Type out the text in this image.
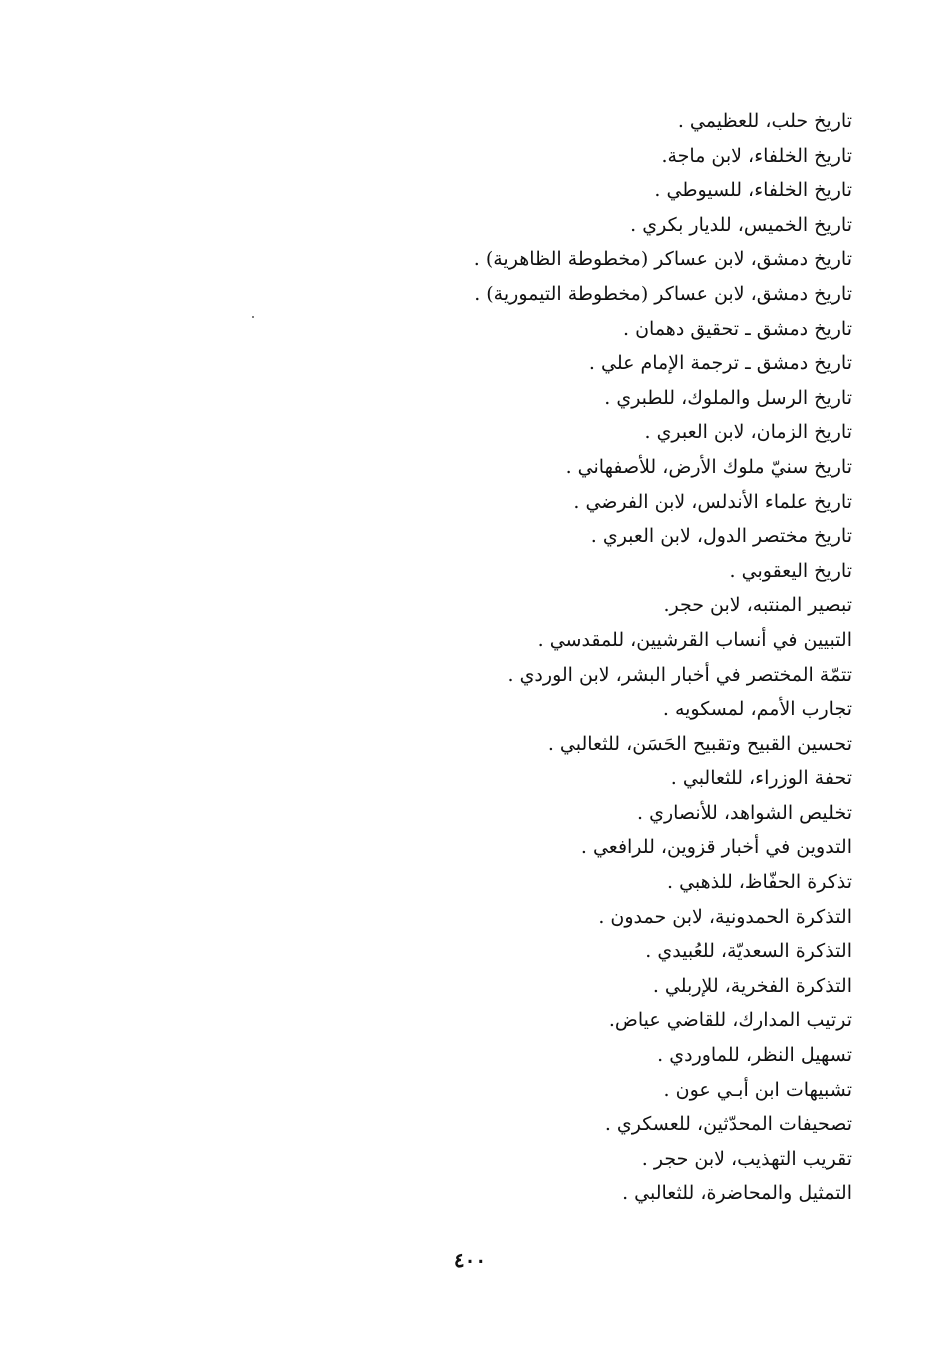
تاريخ حلب، للعظيمي .
تاريخ الخلفاء، لابن ماجة.
تاريخ الخلفاء، للسيوطي .
تاريخ الخميس، للديار بكري .
تاريخ دمشق، لابن عساكر (مخطوطة الظاهرية) .
تاريخ دمشق، لابن عساكر (مخطوطة التيمورية) .
تاريخ دمشق ـ تحقيق دهمان .
تاريخ دمشق ـ ترجمة الإمام علي .
تاريخ الرسل والملوك، للطبري .
تاريخ الزمان، لابن العبري .
تاريخ سنيّ ملوك الأرض، للأصفهاني .
تاريخ علماء الأندلس، لابن الفرضي .
تاريخ مختصر الدول، لابن العبري .
تاريخ اليعقوبي .
تبصير المنتبه، لابن حجر.
التبيين في أنساب القرشيين، للمقدسي .
تتمّة المختصر في أخبار البشر، لابن الوردي .
تجارب الأمم، لمسكويه .
تحسين القبيح وتقبيح الحَسَن، للثعالبي .
تحفة الوزراء، للثعالبي .
تخليص الشواهد، للأنصاري .
التدوين في أخبار قزوين، للرافعي .
تذكرة الحفّاظ، للذهبي .
التذكرة الحمدونية، لابن حمدون .
التذكرة السعديّة، للعُبيدي .
التذكرة الفخرية، للإربلي .
ترتيب المدارك، للقاضي عياض.
تسهيل النظر، للماوردي .
تشبيهات ابن أبـي عون .
تصحيفات المحدّثين، للعسكري .
تقريب التهذيب، لابن حجر .
التمثيل والمحاضرة، للثعالبي .
٤٠٠
